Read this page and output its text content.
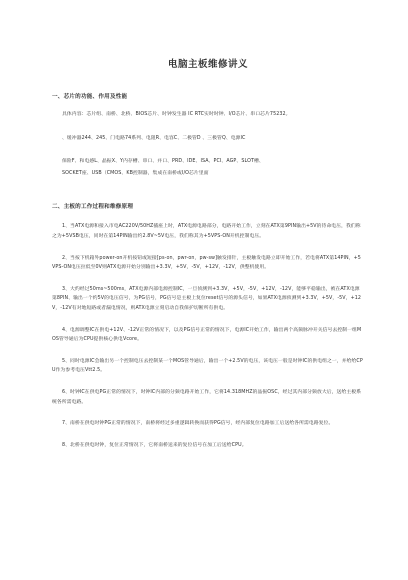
电脑主板维修讲义
一、芯片的功能、作用及性能
具体内容：芯片组、南桥、北桥、BIOS芯片、时钟发生器 IC RTC实时时钟、I/O芯片、串口芯片75232。
、缓冲器244、245、门电路74系列、电阻R、电容C、二极管D 、三极管Q、电源IC
保险F、和电感L、晶振X、Y内存槽、串口、并口、PRD、IDE、ISA、PCI、AGP、SLOT槽、
SOCKET座、USB（CMOS、KB控制器，集成在南桥或I/O芯片里面
二、主板的工作过程和维修原理
1、当ATX电源和接入市电AC220V/50HZ插座上时，ATX电源电路部分，电路开始工作，立刻在ATX第9PIN输出+5V的待命电压，我们称之为+5VSB电压，同时在第14PIN输出约2.8V~5V电压，我们称其为+5VPS-ON开机控制电压。
2、当按下机箱外power-on开机按钮或短接[ps-on，pwr-on，pw-sw]触发排针，主板触发电路立即开始工作，若电将ATX第14PIN，+5VPS-ON电压拉低至0V则ATX电源开始分别输出+3.3V，+5V，-5V，+12V，-12V，供整机使用。
3、大约经过50ms~500ms，ATX电源内部电源控制IC，一旦侦测到+3.3V，+5V，-5V，+12V，-12V，能够平稳输出，被在ATX电源第8PIN、输出一个约5V的电压信号，为PG信号，PG信号是主板上复位reset信号的源头信号，如果ATX电源侦测到+3.3V，+5V，-5V，+12V，-12V有对地短路或者漏电情况，则ATX电源立刻启动自我保护切断所有供电。
4、电源调整IC在供电+12V、-12V正常的情况下，以及PG信号正常的情况下，电源IC开始工作，输出两个高频脉冲开关信号去控制一组MOS管导通后为CPU提供核心供电Vcore。
5、同时电源IC会输出另一个控制电压去控制某一个MOS管导通后，输出一个+2.5V的电压，该电压一般是时钟IC的供电组之一，并给给CPU作为参考电压Vtt2.5。
6、时钟IC在供电PG正常的情况下，时钟IC内部的分频电路开始工作，它将14.318MHZ的晶振OSC，经过其内部分频放大后，送给主板系统各所需电路。
7、南桥在供电时钟PG正常的情况下，南桥将经过多重逻辑转换而获得PG信号，经内部复位电路加工后送给各所需电路复位。
8、北桥在供电时钟，复位正常情况下，它将南桥送来的复位信号在加工后送给CPU。
